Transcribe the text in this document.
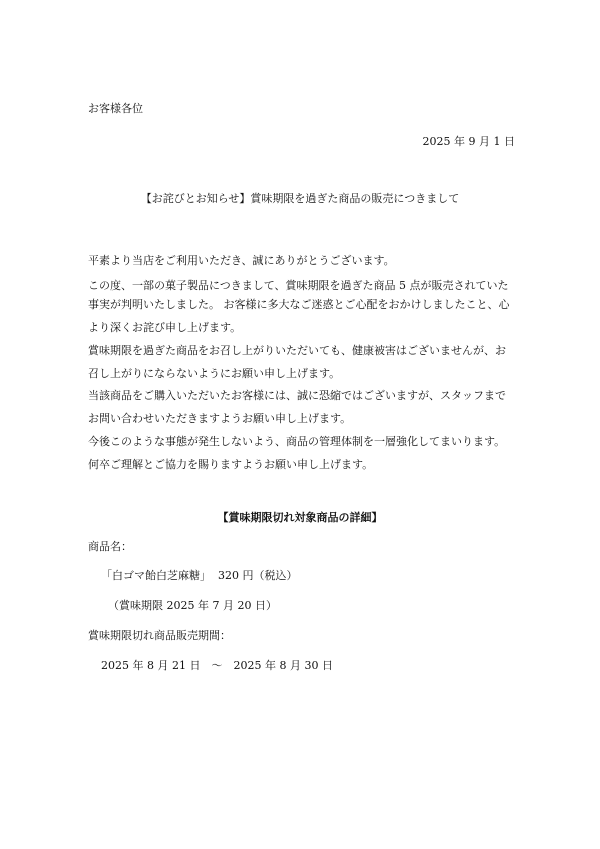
お客様各位
2025 年 9 月 1 日
【お詫びとお知らせ】賞味期限を過ぎた商品の販売につきまして
平素より当店をご利用いただき、誠にありがとうございます。
この度、一部の菓子製品につきまして、賞味期限を過ぎた商品 5 点が販売されていた
事実が判明いたしました。 お客様に多大なご迷惑とご心配をおかけしましたこと、心
より深くお詫び申し上げます。
賞味期限を過ぎた商品をお召し上がりいただいても、健康被害はございませんが、お
召し上がりにならないようにお願い申し上げます。
当該商品をご購入いただいたお客様には、誠に恐縮ではございますが、スタッフまで
お問い合わせいただきますようお願い申し上げます。
今後このような事態が発生しないよう、商品の管理体制を一層強化してまいります。
何卒ご理解とご協力を賜りますようお願い申し上げます。
【賞味期限切れ対象商品の詳細】
商品名：
「白ゴマ飴白芝麻糖」 320 円（税込）
（賞味期限 2025 年 7 月 20 日）
賞味期限切れ商品販売期間：
2025 年 8 月 21 日　～　2025 年 8 月 30 日
